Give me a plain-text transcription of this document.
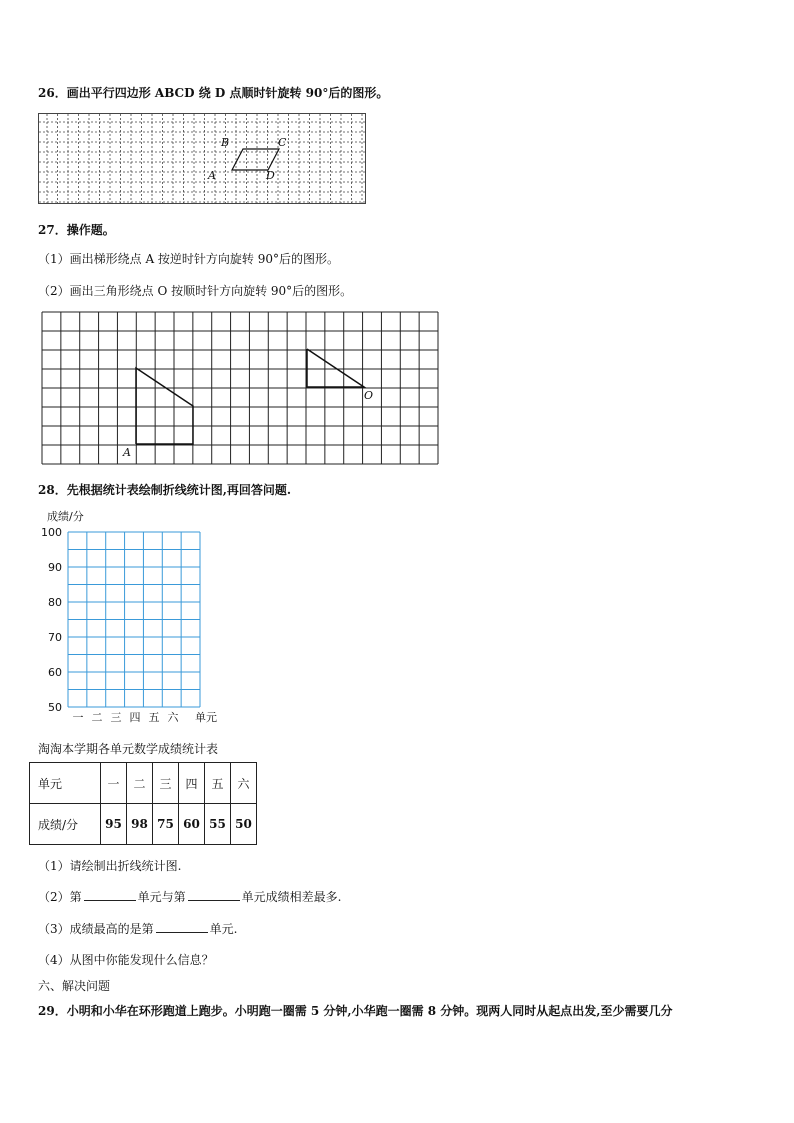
26．画出平行四边形 ABCD 绕 D 点顺时针旋转 90°后的图形。
B	C
A	D
27．操作题。
（1）画出梯形绕点 A 按逆时针方向旋转 90°后的图形。
（2）画出三角形绕点 O 按顺时针方向旋转 90°后的图形。
A
O
28．先根据统计表绘制折线统计图,再回答问题.
成绩/分
50
60
70
80
90
100
一 二 三 四 五 六 单元
淘淘本学期各单元数学成绩统计表
单元	一	二	三	四	五	六
成绩/分	95	98	75	60	55	50
（1）请绘制出折线统计图.
（2）第	单元与第	单元成绩相差最多.
（3）成绩最高的是第	单元.
（4）从图中你能发现什么信息？
六、解决问题
29．小明和小华在环形跑道上跑步。小明跑一圈需 5 分钟,小华跑一圈需 8 分钟。现两人同时从起点出发,至少需要几分
